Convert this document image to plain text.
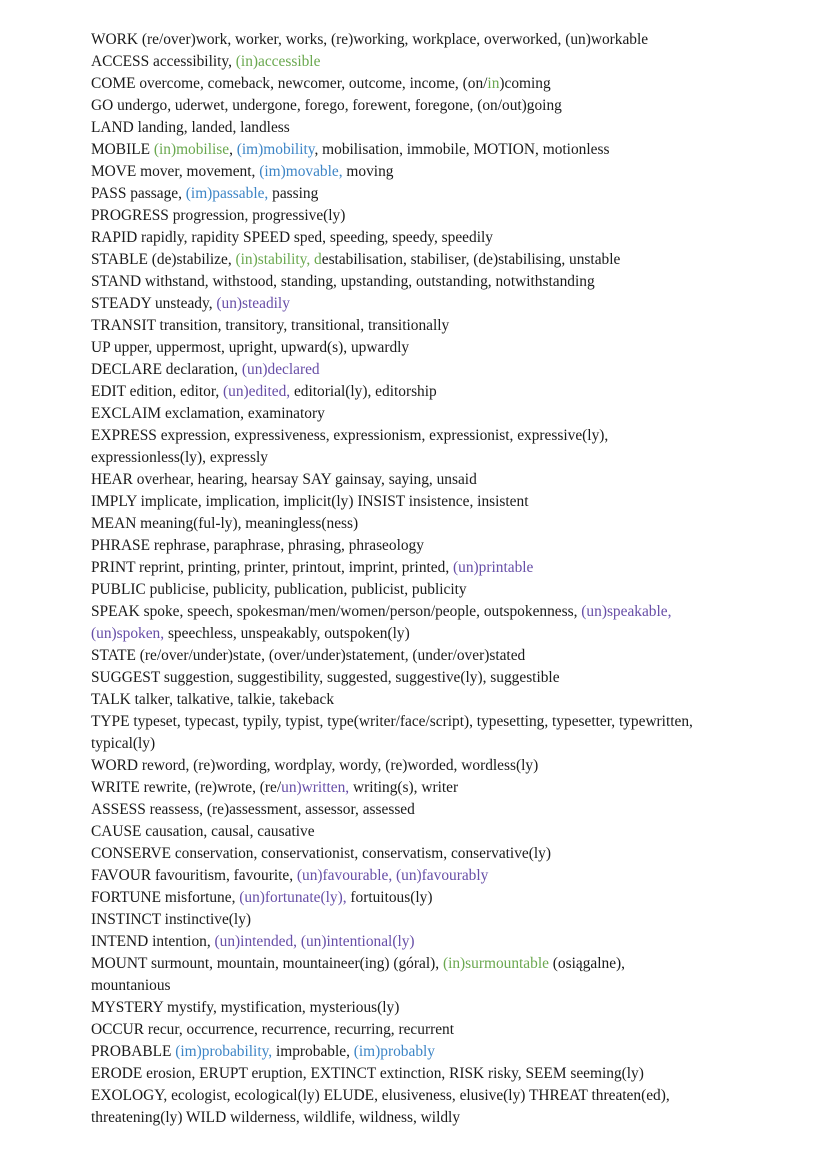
WORK (re/over)work, worker, works, (re)working, workplace, overworked, (un)workable

ACCESS accessibility, (in)accessible

COME overcome, comeback, newcomer, outcome, income, (on/in)coming

GO undergo, uderwet, undergone, forego, forewent, foregone, (on/out)going

LAND landing, landed, landless

MOBILE (in)mobilise, (im)mobility, mobilisation, immobile, MOTION, motionless

MOVE mover, movement, (im)movable, moving

PASS passage, (im)passable, passing

PROGRESS progression, progressive(ly)

RAPID rapidly, rapidity SPEED sped, speeding, speedy, speedily

STABLE (de)stabilize, (in)stability, destabilisation, stabiliser, (de)stabilising, unstable

STAND withstand, withstood, standing, upstanding, outstanding, notwithstanding

STEADY unsteady, (un)steadily

TRANSIT transition, transitory, transitional, transitionally

UP upper, uppermost, upright, upward(s), upwardly

DECLARE declaration, (un)declared

EDIT edition, editor, (un)edited, editorial(ly), editorship

EXCLAIM exclamation, examinatory

EXPRESS expression, expressiveness, expressionism, expressionist, expressive(ly),

expressionless(ly), expressly

HEAR overhear, hearing, hearsay SAY gainsay, saying, unsaid

IMPLY implicate, implication, implicit(ly) INSIST insistence, insistent

MEAN meaning(ful-ly), meaningless(ness)

PHRASE rephrase, paraphrase, phrasing, phraseology

PRINT reprint, printing, printer, printout, imprint, printed, (un)printable

PUBLIC publicise, publicity, publication, publicist, publicity

SPEAK spoke, speech, spokesman/men/women/person/people, outspokenness, (un)speakable,

(un)spoken, speechless, unspeakably, outspoken(ly)

STATE (re/over/under)state, (over/under)statement, (under/over)stated

SUGGEST suggestion, suggestibility, suggested, suggestive(ly), suggestible

TALK talker, talkative, talkie, takeback

TYPE typeset, typecast, typily, typist, type(writer/face/script), typesetting, typesetter, typewritten,

typical(ly)

WORD reword, (re)wording, wordplay, wordy, (re)worded, wordless(ly)

WRITE rewrite, (re)wrote, (re/un)written, writing(s), writer

ASSESS reassess, (re)assessment, assessor, assessed

CAUSE causation, causal, causative

CONSERVE conservation, conservationist, conservatism, conservative(ly)

FAVOUR favouritism, favourite, (un)favourable, (un)favourably

FORTUNE misfortune, (un)fortunate(ly), fortuitous(ly)

INSTINCT instinctive(ly)

INTEND intention, (un)intended, (un)intentional(ly)

MOUNT surmount, mountain, mountaineer(ing) (góral), (in)surmountable (osiągalne),

mountanious

MYSTERY mystify, mystification, mysterious(ly)

OCCUR recur, occurrence, recurrence, recurring, recurrent

PROBABLE (im)probability, improbable, (im)probably

ERODE erosion, ERUPT eruption, EXTINCT extinction, RISK risky, SEEM seeming(ly)

EXOLOGY, ecologist, ecological(ly) ELUDE, elusiveness, elusive(ly) THREAT threaten(ed),

threatening(ly) WILD wilderness, wildlife, wildness, wildly
